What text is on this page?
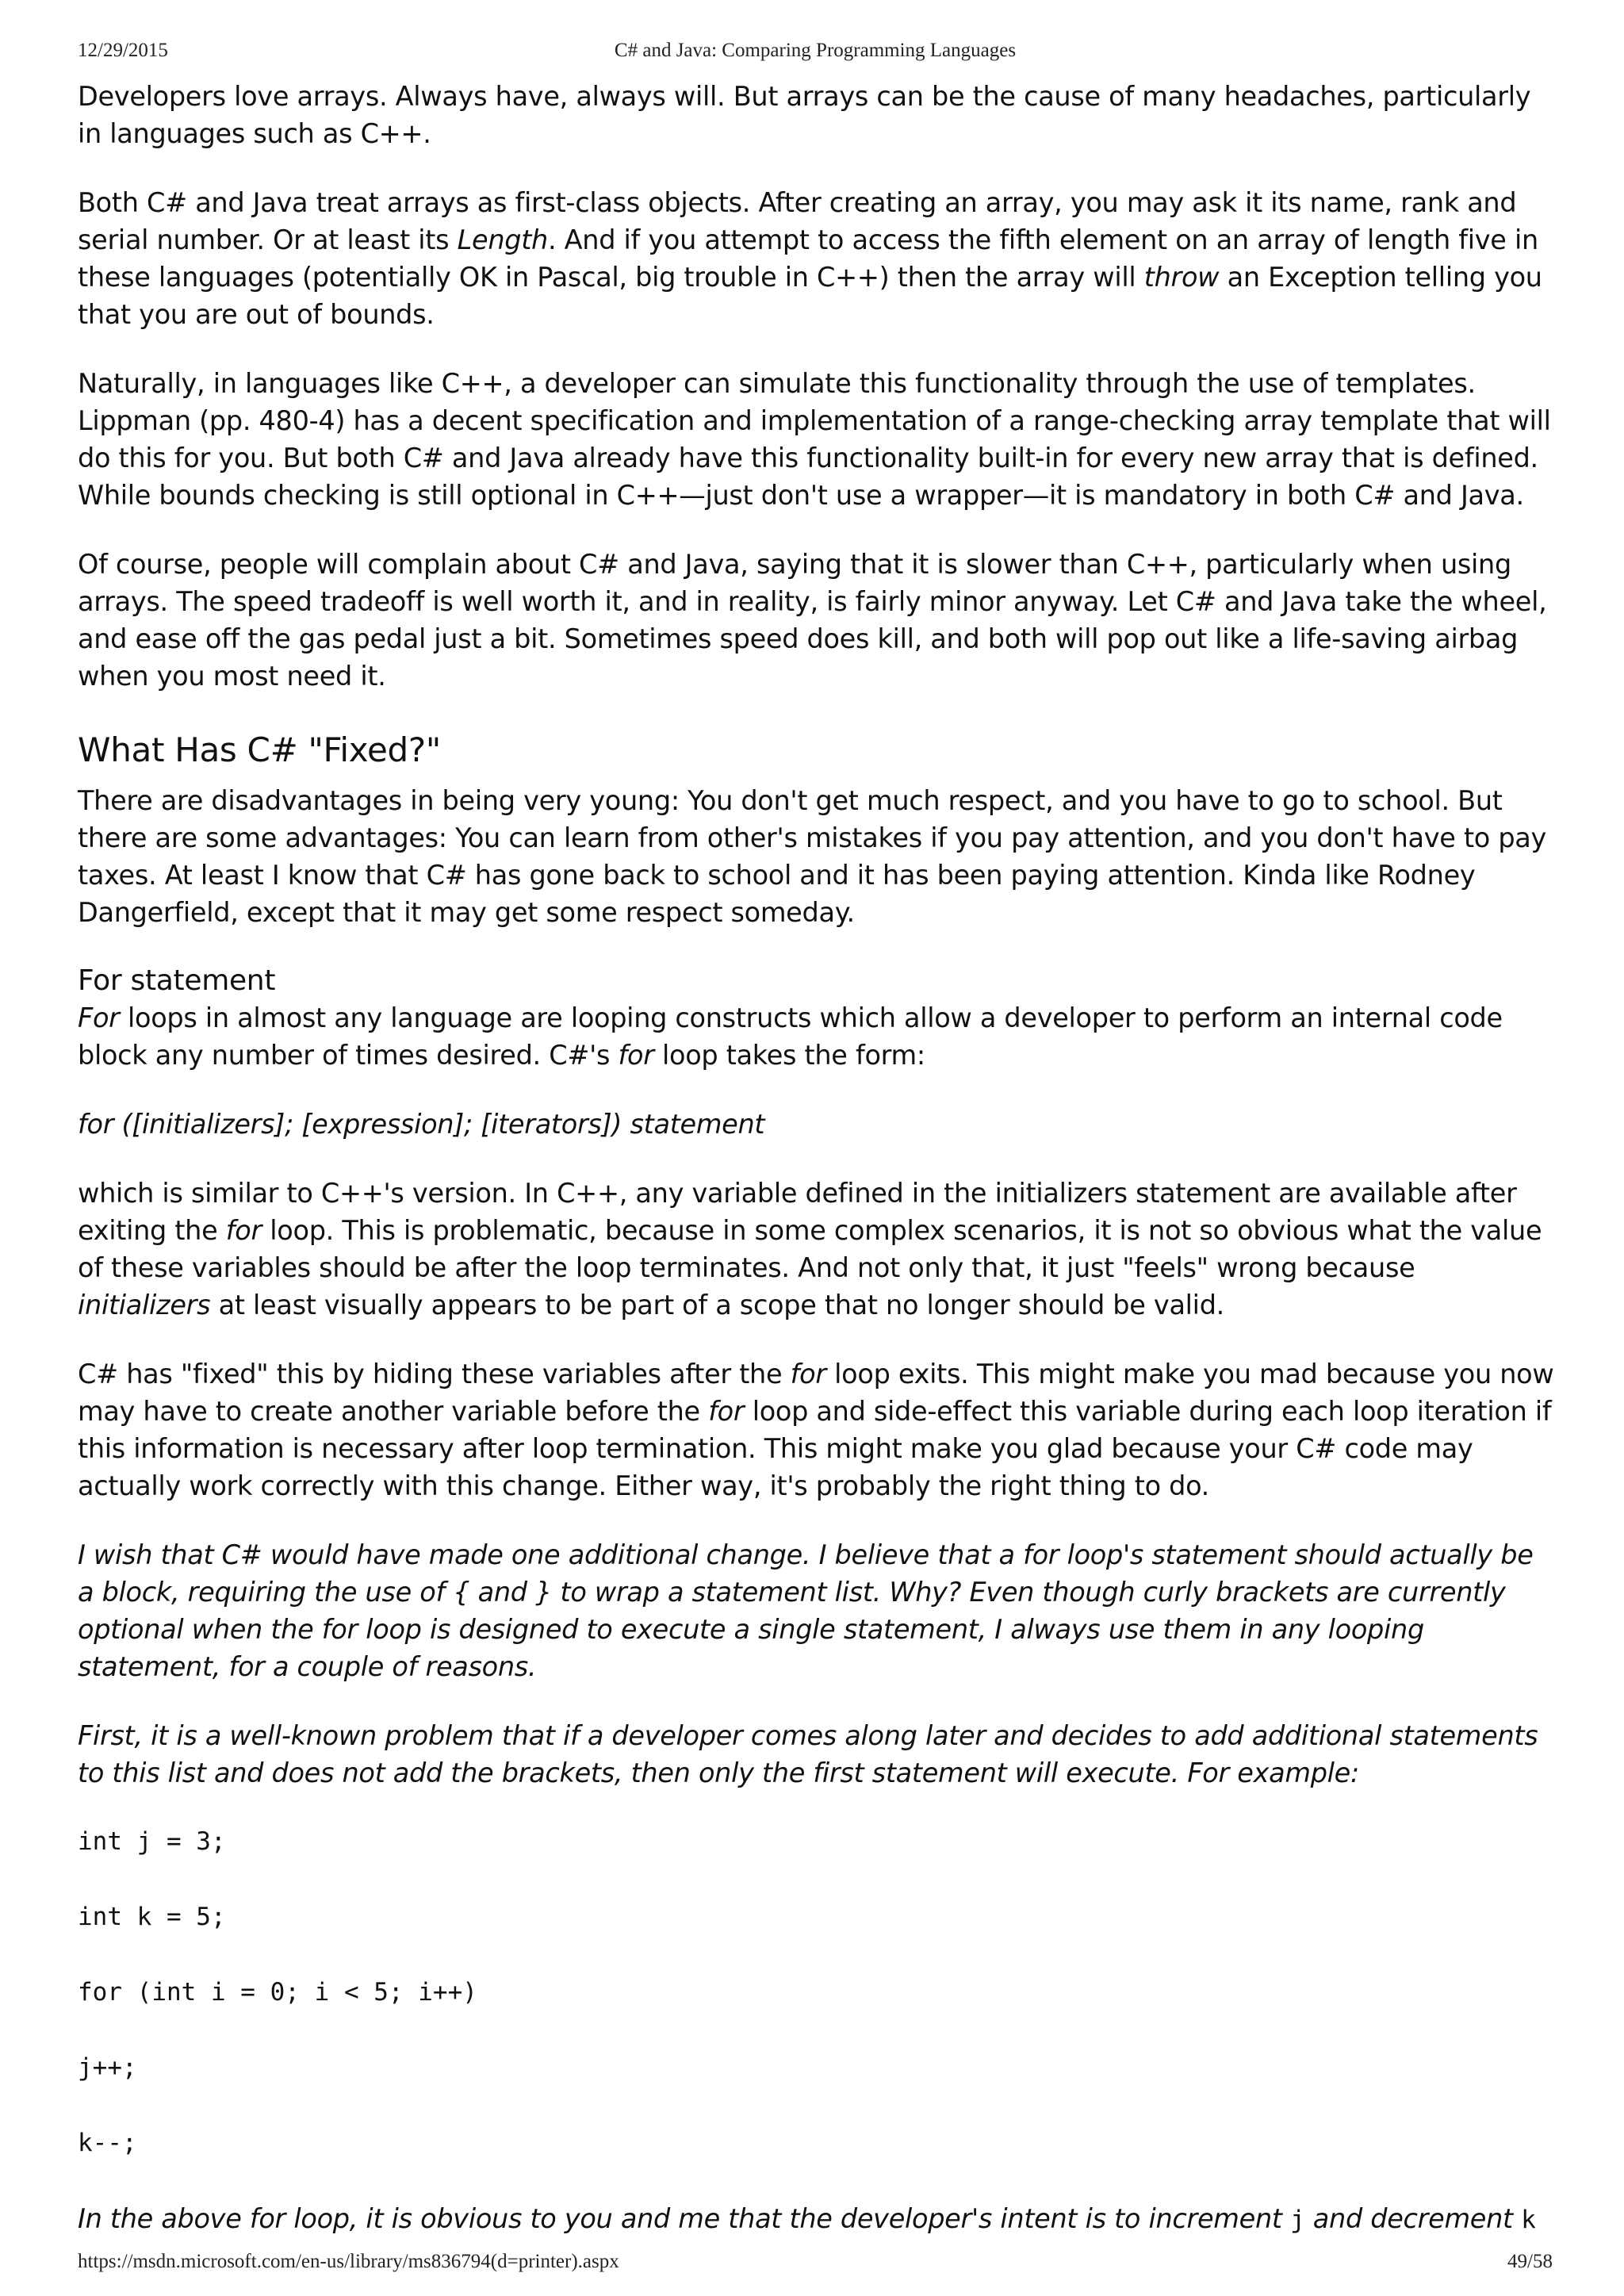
12/29/2015	C# and Java: Comparing Programming Languages

Developers love arrays. Always have, always will. But arrays can be the cause of many headaches, particularly in languages such as C++.

Both C# and Java treat arrays as first-class objects. After creating an array, you may ask it its name, rank and serial number. Or at least its Length. And if you attempt to access the fifth element on an array of length five in these languages (potentially OK in Pascal, big trouble in C++) then the array will throw an Exception telling you that you are out of bounds.

Naturally, in languages like C++, a developer can simulate this functionality through the use of templates. Lippman (pp. 480-4) has a decent specification and implementation of a range-checking array template that will do this for you. But both C# and Java already have this functionality built-in for every new array that is defined. While bounds checking is still optional in C++—just don't use a wrapper—it is mandatory in both C# and Java.

Of course, people will complain about C# and Java, saying that it is slower than C++, particularly when using arrays. The speed tradeoff is well worth it, and in reality, is fairly minor anyway. Let C# and Java take the wheel, and ease off the gas pedal just a bit. Sometimes speed does kill, and both will pop out like a life-saving airbag when you most need it.

What Has C# "Fixed?"

There are disadvantages in being very young: You don't get much respect, and you have to go to school. But there are some advantages: You can learn from other's mistakes if you pay attention, and you don't have to pay taxes. At least I know that C# has gone back to school and it has been paying attention. Kinda like Rodney Dangerfield, except that it may get some respect someday.

For statement

For loops in almost any language are looping constructs which allow a developer to perform an internal code block any number of times desired. C#'s for loop takes the form:

for ([initializers]; [expression]; [iterators]) statement

which is similar to C++'s version. In C++, any variable defined in the initializers statement are available after exiting the for loop. This is problematic, because in some complex scenarios, it is not so obvious what the value of these variables should be after the loop terminates. And not only that, it just "feels" wrong because initializers at least visually appears to be part of a scope that no longer should be valid.

C# has "fixed" this by hiding these variables after the for loop exits. This might make you mad because you now may have to create another variable before the for loop and side-effect this variable during each loop iteration if this information is necessary after loop termination. This might make you glad because your C# code may actually work correctly with this change. Either way, it's probably the right thing to do.

I wish that C# would have made one additional change. I believe that a for loop's statement should actually be a block, requiring the use of { and } to wrap a statement list. Why? Even though curly brackets are currently optional when the for loop is designed to execute a single statement, I always use them in any looping statement, for a couple of reasons.

First, it is a well-known problem that if a developer comes along later and decides to add additional statements to this list and does not add the brackets, then only the first statement will execute. For example:

int j = 3;
int k = 5;
for (int i = 0; i < 5; i++)
j++;
k--;

In the above for loop, it is obvious to you and me that the developer's intent is to increment j and decrement k

https://msdn.microsoft.com/en-us/library/ms836794(d=printer).aspx	49/58
